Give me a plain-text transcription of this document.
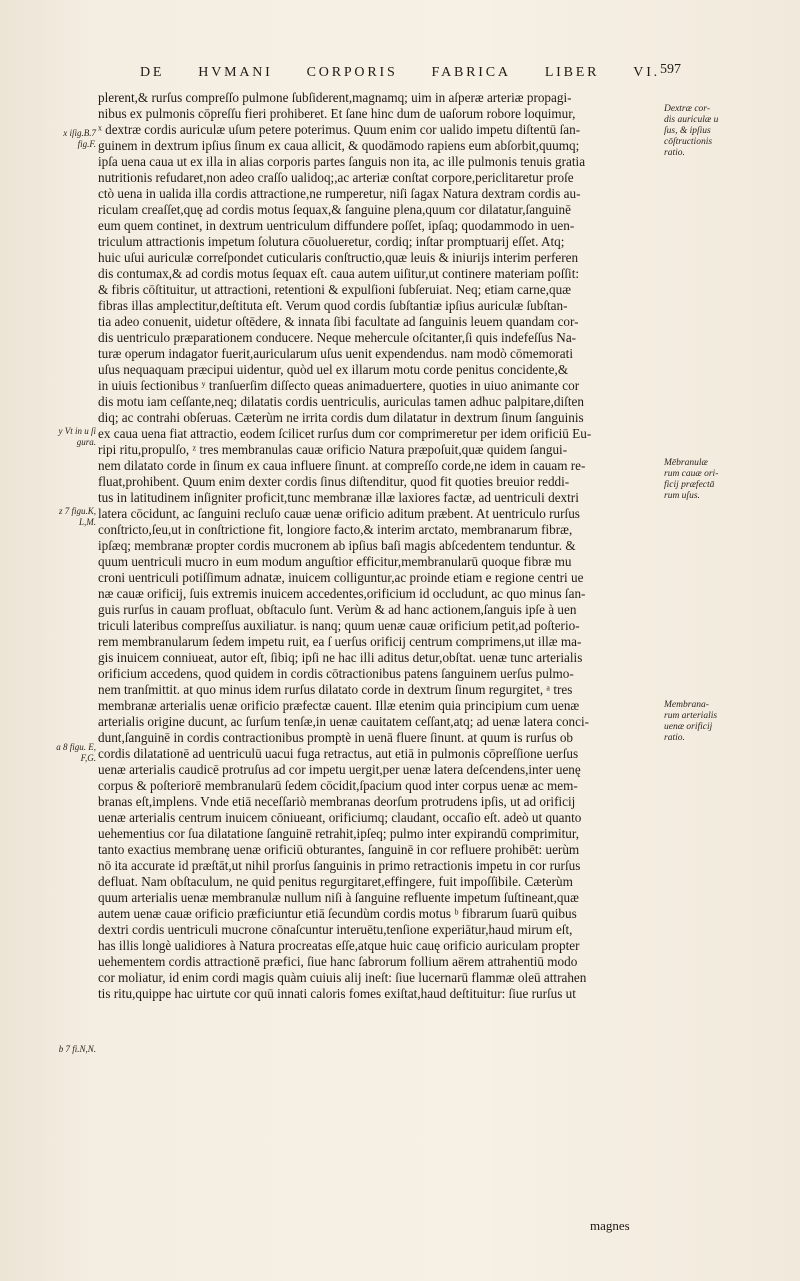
DE HVMANI CORPORIS FABRICA LIBER VI. 597
plerent,& rurſus compreſſo pulmone ſubſiderent,magnamq; uim in aſperæ arteriæ propagi-
nibus ex pulmonis cōpreſſu fieri prohiberet. Et ſane hinc dum de uaſorum robore loquimur,
ˣ dextræ cordis auriculæ uſum petere poterimus. Quum enim cor ualido impetu diſtentū ſan-
guinem in dextrum ipſius ſinum ex caua allicit, & quodāmodo rapiens eum abſorbit,quumq;
ipſa uena caua ut ex illa in alias corporis partes ſanguis non ita, ac ille pulmonis tenuis gratia
nutritionis refudaret,non adeo craſſo ualidoq;,ac arteriæ conſtat corpore,periclitaretur proſe
ctò uena in ualida illa cordis attractione,ne rumperetur, niſi ſagax Natura dextram cordis au-
riculam creaſſet,quę ad cordis motus ſequax,& ſanguine plena,quum cor dilatatur,ſanguinē
eum quem continet, in dextrum uentriculum diffundere poſſet, ipſaq; quodammodo in uen-
triculum attractionis impetum ſolutura cōuolueretur, cordiq; inſtar promptuarij eſſet. Atq;
huic uſui auriculæ correſpondet cuticularis conſtructio,quæ leuis & iniurijs interim perferen
dis contumax,& ad cordis motus ſequax eſt. caua autem uiſitur,ut continere materiam poſſit:
& fibris cōſtituitur, ut attractioni, retentioni & expulſioni ſubſeruiat. Neq; etiam carne,quæ
fibras illas amplectitur,deſtituta eſt. Verum quod cordis ſubſtantiæ ipſius auriculæ ſubſtan-
tia adeo conuenit, uidetur oſtēdere, & innata ſibi facultate ad ſanguinis leuem quandam cor-
dis uentriculo præparationem conducere. Neque mehercule oſcitanter,ſi quis indefeſſus Na-
turæ operum indagator fuerit,auricularum uſus uenit expendendus. nam modò cōmemorati
uſus nequaquam præcipui uidentur, quòd uel ex illarum motu corde penitus concidente,&
in uiuis ſectionibus ʸ tranſuerſim diſſecto queas animaduertere, quoties in uiuo animante cor
dis motu iam ceſſante,neq; dilatatis cordis uentriculis, auriculas tamen adhuc palpitare,diſten
diq; ac contrahi obſeruas. Cæterùm ne irrita cordis dum dilatatur in dextrum ſinum ſanguinis
ex caua uena fiat attractio, eodem ſcilicet rurſus dum cor comprimeretur per idem orificiū Eu-
ripi ritu,propulſo, ᶻ tres membranulas cauæ orificio Natura præpoſuit,quæ quidem ſangui-
nem dilatato corde in ſinum ex caua influere ſinunt. at compreſſo corde,ne idem in cauam re-
fluat,prohibent. Quum enim dexter cordis ſinus diſtenditur, quod fit quoties breuior reddi-
tus in latitudinem inſigniter proficit,tunc membranæ illæ laxiores factæ, ad uentriculi dextri
latera cōcidunt, ac ſanguini recluſo cauæ uenæ orificio aditum præbent. At uentriculo rurſus
conſtricto,ſeu,ut in conſtrictione fit, longiore facto,& interim arctato, membranarum fibræ,
ipſæq; membranæ propter cordis mucronem ab ipſius baſi magis abſcedentem tenduntur. &
quum uentriculi mucro in eum modum anguſtior efficitur,membranularū quoque fibræ mu
croni uentriculi potiſſimum adnatæ, inuicem colliguntur,ac proinde etiam e regione centri ue
næ cauæ orificij, ſuis extremis inuicem accedentes,orificium id occludunt, ac quo minus ſan-
guis rurſus in cauam profluat, obſtaculo ſunt. Verùm & ad hanc actionem,ſanguis ipſe à uen
triculi lateribus compreſſus auxiliatur. is nanq; quum uenæ cauæ orificium petit,ad poſterio-
rem membranularum ſedem impetu ruit, ea ſ uerſus orificij centrum comprimens,ut illæ ma-
gis inuicem conniueat, autor eſt, ſibiq; ipſi ne hac illi aditus detur,obſtat. uenæ tunc arterialis
orificium accedens, quod quidem in cordis cōtractionibus patens ſanguinem uerſus pulmo-
nem tranſmittit. at quo minus idem rurſus dilatato corde in dextrum ſinum regurgitet, ᵃ tres
membranæ arterialis uenæ orificio præfectæ cauent. Illæ etenim quia principium cum uenæ
arterialis origine ducunt, ac ſurſum tenſæ,in uenæ cauitatem ceſſant,atq; ad uenæ latera conci-
dunt,ſanguinē in cordis contractionibus promptè in uenā fluere ſinunt. at quum is rurſus ob
cordis dilatationē ad uentriculū uacui fuga retractus, aut etiā in pulmonis cōpreſſione uerſus
uenæ arterialis caudicē protruſus ad cor impetu uergit,per uenæ latera deſcendens,inter uenę
corpus & poſteriorē membranularū ſedem cōcidit,ſpacium quod inter corpus uenæ ac mem-
branas eſt,implens. Vnde etiā neceſſariò membranas deorſum protrudens ipſis, ut ad orificij
uenæ arterialis centrum inuicem cōniueant, orificiumq; claudant, occaſio eſt. adeò ut quanto
uehementius cor ſua dilatatione ſanguinē retrahit,ipſeq; pulmo inter expirandū comprimitur,
tanto exactius membranę uenæ orificiū obturantes, ſanguinē in cor refluere prohibēt: uerùm
nō ita accurate id præſtāt,ut nihil prorſus ſanguinis in primo retractionis impetu in cor rurſus
defluat. Nam obſtaculum, ne quid penitus regurgitaret,effingere, fuit impoſſibile. Cæterùm
quum arterialis uenæ membranulæ nullum niſi à ſanguine refluente impetum ſuſtineant,quæ
autem uenæ cauæ orificio præficiuntur etiā ſecundùm cordis motus ᵇ fibrarum ſuarū quibus
dextri cordis uentriculi mucrone cōnaſcuntur interuētu,tenſione experiātur,haud mirum eſt,
has illis longè ualidiores à Natura procreatas eſſe,atque huic cauę orificio auriculam propter
uehementem cordis attractionē præfici, ſiue hanc ſabrorum follium aërem attrahentiū modo
cor moliatur, id enim cordi magis quàm cuiuis alij ineſt: ſiue lucernarū flammæ oleū attrahen
tis ritu,quippe hac uirtute cor quū innati caloris fomes exiſtat,haud deſtituitur: ſiue rurſus ut
Dextræ cor-
dis auriculæ u
ſus, & ipſius
cōſtructionis
ratio.
Mēbranulæ
rum cauæ ori-
ficij præfectā
rum uſus.
Membrana-
rum arterialis
uenæ orificij
ratio.
x iſig.B.7
fig.F.
y Vt in u ſi
gura.
z 7 figu.K,
L,M.
a 8 figu. E,
F,G.
b 7 fi.N,N.
magnes
